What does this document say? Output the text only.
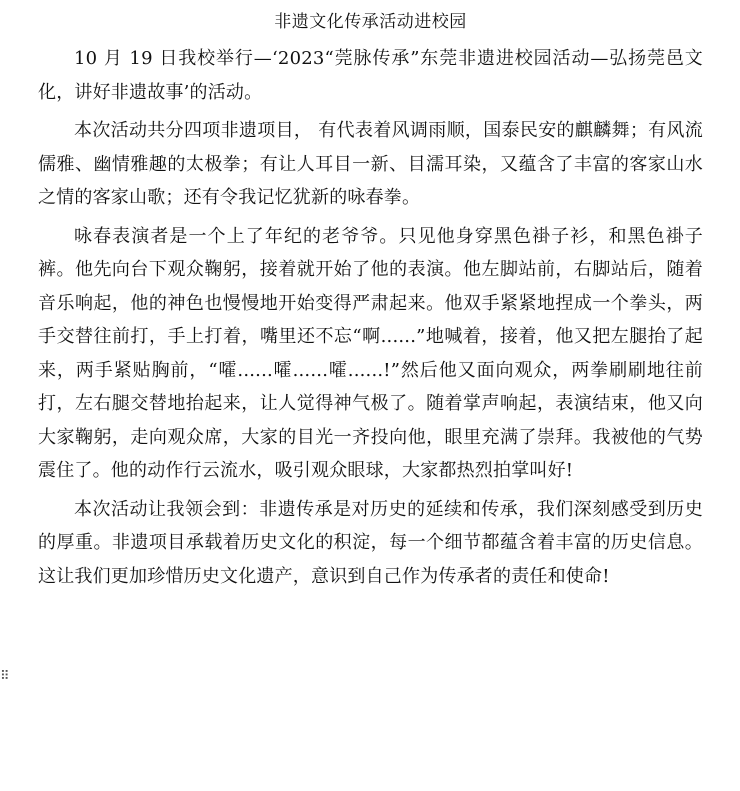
⠿
非遗文化传承活动进校园

10 月 19 日我校举行—‘2023“莞脉传承”东莞非遗进校园活动—弘扬莞邑文化，讲好非遗故事’的活动。

本次活动共分四项非遗项目， 有代表着风调雨顺，国泰民安的麒麟舞；有风流儒雅、幽情雅趣的太极拳；有让人耳目一新、目濡耳染，又蕴含了丰富的客家山水之情的客家山歌；还有令我记忆犹新的咏春拳。

咏春表演者是一个上了年纪的老爷爷。只见他身穿黑色褂子衫，和黑色褂子裤。他先向台下观众鞠躬，接着就开始了他的表演。他左脚站前，右脚站后，随着音乐响起，他的神色也慢慢地开始变得严肃起来。他双手紧紧地捏成一个拳头，两手交替往前打，手上打着，嘴里还不忘“啊......”地喊着，接着，他又把左腿抬了起来，两手紧贴胸前，“嚯......嚯......嚯......!”然后他又面向观众，两拳刷刷地往前打，左右腿交替地抬起来，让人觉得神气极了。随着掌声响起，表演结束，他又向大家鞠躬，走向观众席，大家的目光一齐投向他，眼里充满了崇拜。我被他的气势震住了。他的动作行云流水，吸引观众眼球，大家都热烈拍掌叫好!

本次活动让我领会到：非遗传承是对历史的延续和传承，我们深刻感受到历史的厚重。非遗项目承载着历史文化的积淀，每一个细节都蕴含着丰富的历史信息。这让我们更加珍惜历史文化遗产，意识到自己作为传承者的责任和使命!
